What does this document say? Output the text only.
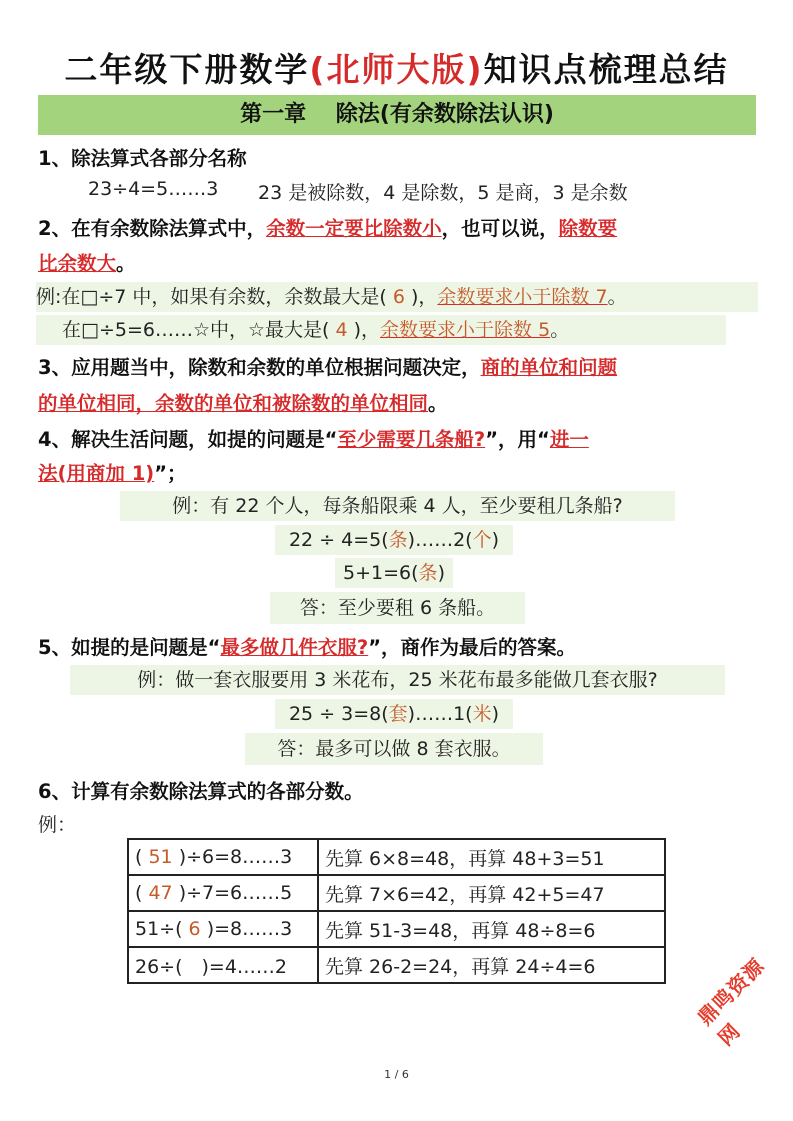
二年级下册数学(北师大版)知识点梳理总结
第一章　 除法(有余数除法认识)
1、除法算式各部分名称
23÷4=5……3 23 是被除数，4 是除数，5 是商，3 是余数
2、在有余数除法算式中，余数一定要比除数小，也可以说，除数要
比余数大。
例:在□÷7 中，如果有余数，余数最大是( 6 )，余数要求小于除数 7。
在□÷5=6……☆中，☆最大是( 4 )，余数要求小于除数 5。
3、应用题当中，除数和余数的单位根据问题决定，商的单位和问题
的单位相同，余数的单位和被除数的单位相同。
4、解决生活问题，如提的问题是“至少需要几条船?”，用“进一
法(用商加 1)”；
例：有 22 个人，每条船限乘 4 人，至少要租几条船?
22 ÷ 4=5(条)……2(个)
5+1=6(条)
答：至少要租 6 条船。
5、如提的是问题是“最多做几件衣服?”，商作为最后的答案。
例：做一套衣服要用 3 米花布，25 米花布最多能做几套衣服?
25 ÷ 3=8(套)……1(米)
答：最多可以做 8 套衣服。
6、计算有余数除法算式的各部分数。
例：
( 51 )÷6=8……3	先算 6×8=48，再算 48+3=51
( 47 )÷7=6……5	先算 7×6=42，再算 42+5=47
51÷( 6 )=8……3	先算 51-3=48，再算 48÷8=6
26÷(　)=4……2	先算 26-2=24，再算 24÷4=6	鼎鸣资源网
1 / 6
